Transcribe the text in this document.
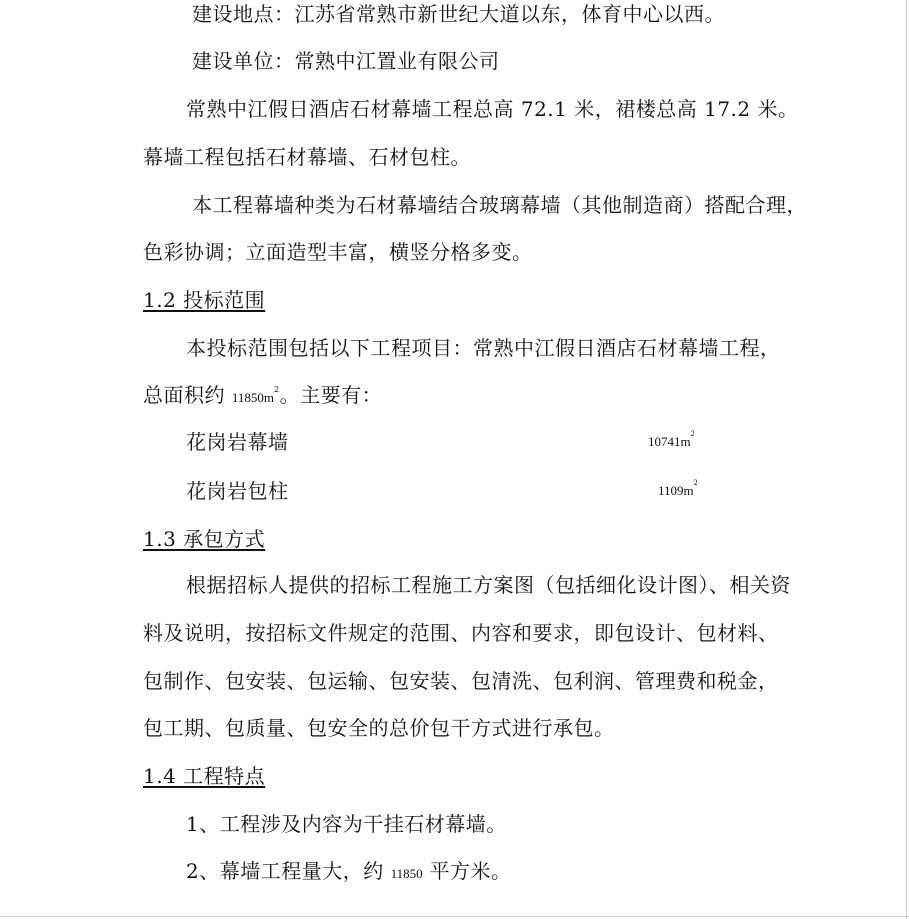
建设地点：江苏省常熟市新世纪大道以东，体育中心以西。
建设单位：常熟中江置业有限公司
常熟中江假日酒店石材幕墙工程总高 72.1 米，裙楼总高 17.2 米。
幕墙工程包括石材幕墙、石材包柱。
本工程幕墙种类为石材幕墙结合玻璃幕墙（其他制造商）搭配合理，
色彩协调；立面造型丰富，横竖分格多变。
1.2 投标范围
本投标范围包括以下工程项目：常熟中江假日酒店石材幕墙工程，
总面积约 $11850m^2$。主要有：
花岗岩幕墙	$10741m^2$
花岗岩包柱	$1109m^2$
1.3 承包方式
根据招标人提供的招标工程施工方案图（包括细化设计图）、相关资
料及说明，按招标文件规定的范围、内容和要求，即包设计、包材料、
包制作、包安装、包运输、包安装、包清洗、包利润、管理费和税金，
包工期、包质量、包安全的总价包干方式进行承包。
1.4 工程特点
1、工程涉及内容为干挂石材幕墙。
2、幕墙工程量大，约 11850 平方米。
